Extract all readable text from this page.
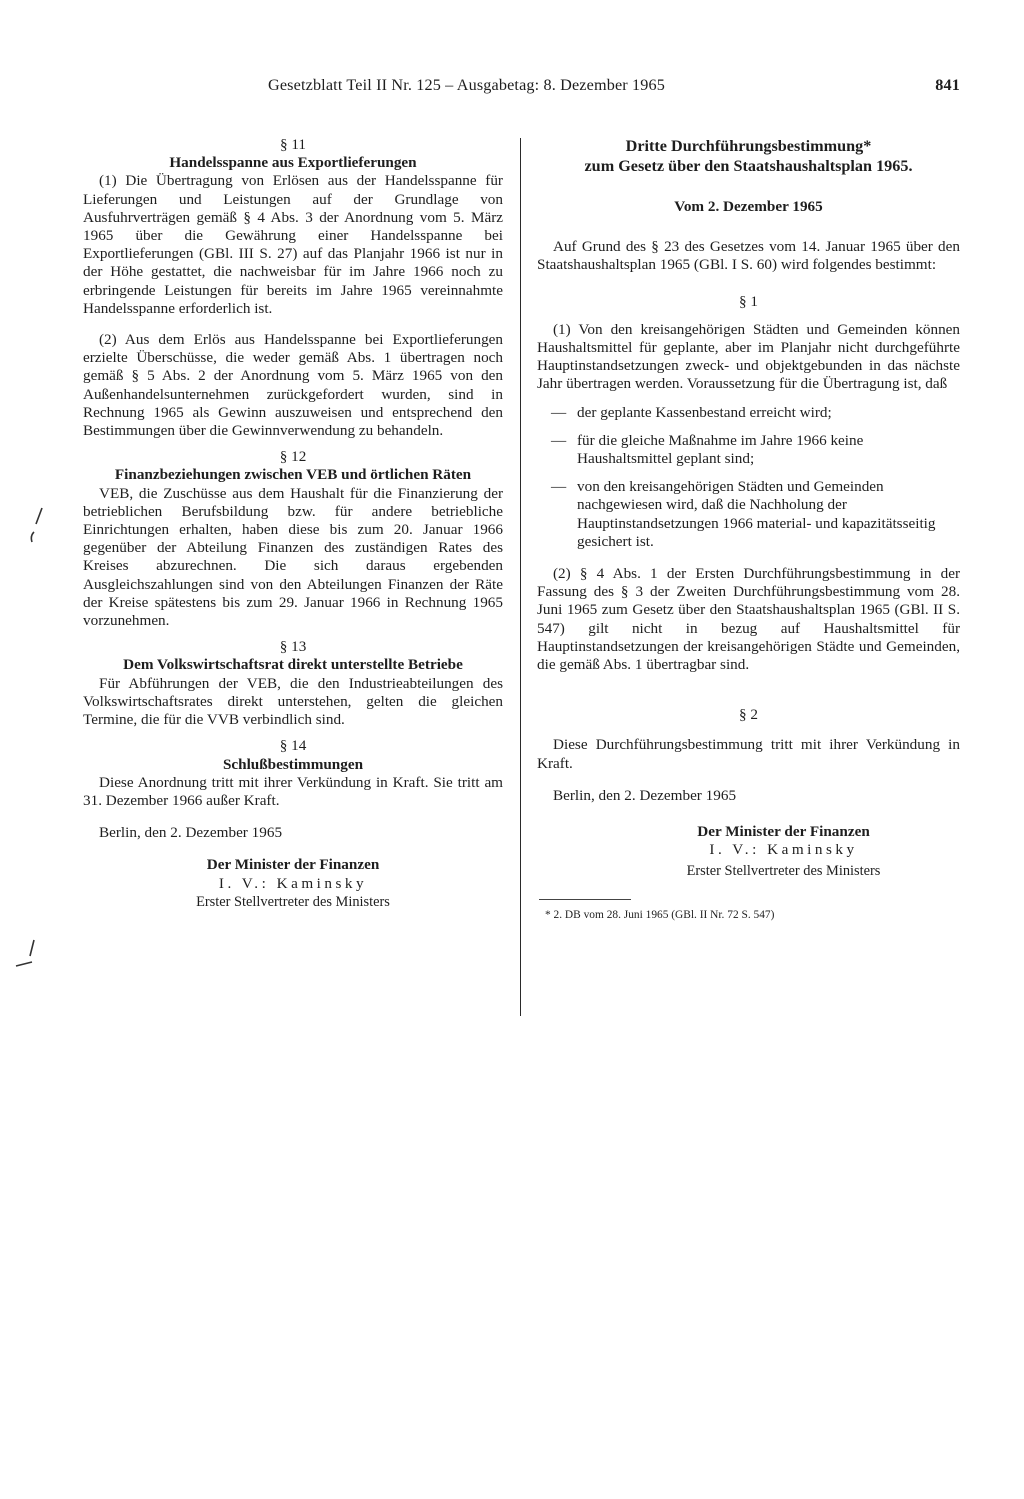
Gesetzblatt Teil II Nr. 125 – Ausgabetag: 8. Dezember 1965	841

§ 11

Handelsspanne aus Exportlieferungen

(1) Die Übertragung von Erlösen aus der Handelsspanne für Lieferungen und Leistungen auf der Grundlage von Ausfuhrverträgen gemäß § 4 Abs. 3 der Anordnung vom 5. März 1965 über die Gewährung einer Handelsspanne bei Exportlieferungen (GBl. III S. 27) auf das Planjahr 1966 ist nur in der Höhe gestattet, die nachweisbar für im Jahre 1966 noch zu erbringende Leistungen für bereits im Jahre 1965 vereinnahmte Handelsspanne erforderlich ist.

(2) Aus dem Erlös aus Handelsspanne bei Exportlieferungen erzielte Überschüsse, die weder gemäß Abs. 1 übertragen noch gemäß § 5 Abs. 2 der Anordnung vom 5. März 1965 von den Außenhandelsunternehmen zurückgefordert wurden, sind in Rechnung 1965 als Gewinn auszuweisen und entsprechend den Bestimmungen über die Gewinnverwendung zu behandeln.

§ 12

Finanzbeziehungen zwischen VEB und örtlichen Räten

VEB, die Zuschüsse aus dem Haushalt für die Finanzierung der betrieblichen Berufsbildung bzw. für andere betriebliche Einrichtungen erhalten, haben diese bis zum 20. Januar 1966 gegenüber der Abteilung Finanzen des zuständigen Rates des Kreises abzurechnen. Die sich daraus ergebenden Ausgleichszahlungen sind von den Abteilungen Finanzen der Räte der Kreise spätestens bis zum 29. Januar 1966 in Rechnung 1965 vorzunehmen.

§ 13

Dem Volkswirtschaftsrat direkt unterstellte Betriebe

Für Abführungen der VEB, die den Industrieabteilungen des Volkswirtschaftsrates direkt unterstehen, gelten die gleichen Termine, die für die VVB verbindlich sind.

§ 14

Schlußbestimmungen

Diese Anordnung tritt mit ihrer Verkündung in Kraft. Sie tritt am 31. Dezember 1966 außer Kraft.

Berlin, den 2. Dezember 1965

Der Minister der Finanzen

I. V.: Kaminsky

Erster Stellvertreter des Ministers

Dritte Durchführungsbestimmung*

zum Gesetz über den Staatshaushaltsplan 1965.

Vom 2. Dezember 1965

Auf Grund des § 23 des Gesetzes vom 14. Januar 1965 über den Staatshaushaltsplan 1965 (GBl. I S. 60) wird folgendes bestimmt:

§ 1

(1) Von den kreisangehörigen Städten und Gemeinden können Haushaltsmittel für geplante, aber im Planjahr nicht durchgeführte Hauptinstandsetzungen zweck- und objektgebunden in das nächste Jahr übertragen werden. Voraussetzung für die Übertragung ist, daß

— der geplante Kassenbestand erreicht wird;
— für die gleiche Maßnahme im Jahre 1966 keine Haushaltsmittel geplant sind;
— von den kreisangehörigen Städten und Gemeinden nachgewiesen wird, daß die Nachholung der Hauptinstandsetzungen 1966 material- und kapazitätsseitig gesichert ist.

(2) § 4 Abs. 1 der Ersten Durchführungsbestimmung in der Fassung des § 3 der Zweiten Durchführungsbestimmung vom 28. Juni 1965 zum Gesetz über den Staatshaushaltsplan 1965 (GBl. II S. 547) gilt nicht in bezug auf Haushaltsmittel für Hauptinstandsetzungen der kreisangehörigen Städte und Gemeinden, die gemäß Abs. 1 übertragbar sind.

§ 2

Diese Durchführungsbestimmung tritt mit ihrer Verkündung in Kraft.

Berlin, den 2. Dezember 1965

Der Minister der Finanzen

I. V.: Kaminsky

Erster Stellvertreter des Ministers

* 2. DB vom 28. Juni 1965 (GBl. II Nr. 72 S. 547)
